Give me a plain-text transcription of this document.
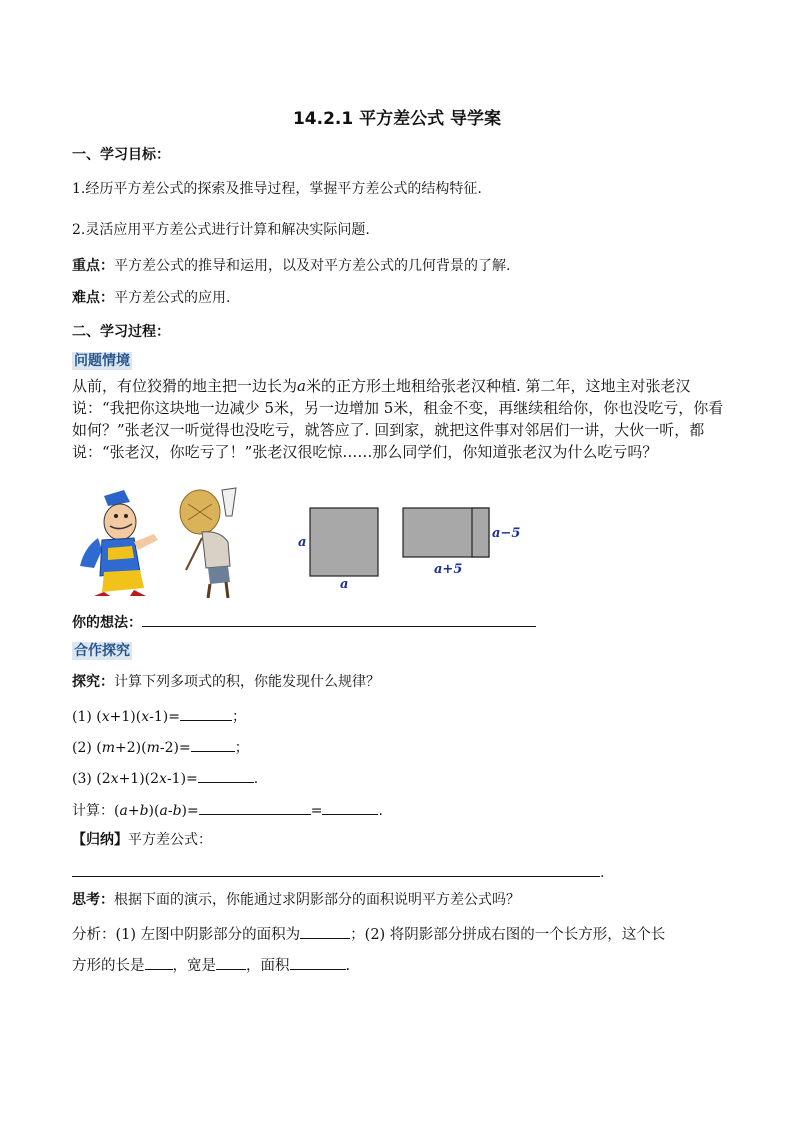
14.2.1 平方差公式 导学案
一、学习目标：
1.经历平方差公式的探索及推导过程，掌握平方差公式的结构特征.
2.灵活应用平方差公式进行计算和解决实际问题.
重点：平方差公式的推导和运用，以及对平方差公式的几何背景的了解.
难点：平方差公式的应用.
二、学习过程：
问题情境
从前，有位狡猾的地主把一边长为a米的正方形土地租给张老汉种植. 第二年，这地主对张老汉说：“我把你这块地一边减少 5米，另一边增加 5米，租金不变，再继续租给你，你也没吃亏，你看如何？”张老汉一听觉得也没吃亏，就答应了. 回到家，就把这件事对邻居们一讲，大伙一听，都说：“张老汉，你吃亏了！”张老汉很吃惊……那么同学们，你知道张老汉为什么吃亏吗？
a
a
a−5
a+5
你的想法：
合作探究
探究：计算下列多项式的积，你能发现什么规律？
(1) (x+1)(x-1)=	；
(2) (m+2)(m-2)=	；
(3) (2x+1)(2x-1)=	.
计算：(a+b)(a-b)=	=	.
【归纳】平方差公式：
.
思考：根据下面的演示，你能通过求阴影部分的面积说明平方差公式吗？
分析：(1) 左图中阴影部分的面积为	；(2) 将阴影部分拼成右图的一个长方形，这个长
方形的长是 ，宽是 ，面积	.
